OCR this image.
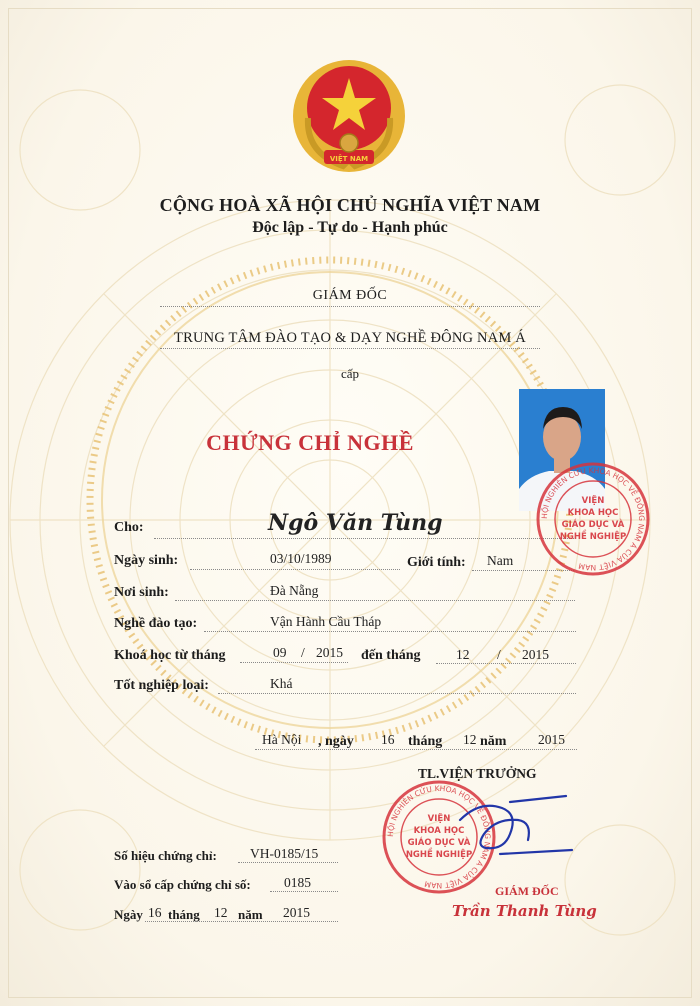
VIỆT NAM
CỘNG HOÀ XÃ HỘI CHỦ NGHĨA VIỆT NAM
Độc lập - Tự do - Hạnh phúc
GIÁM ĐỐC
TRUNG TÂM ĐÀO TẠO & DẠY NGHỀ ĐÔNG NAM Á
cấp
CHỨNG CHỈ NGHỀ
Cho:	Ngô Văn Tùng
Ngày sinh:	03/10/1989	Giới tính: Nam
Nơi sinh:	Đà Nẵng
Nghề đào tạo:	Vận Hành Cầu Tháp
Khoá học từ tháng	09 / 2015 đến tháng	12 / 2015
Tốt nghiệp loại:	Khá
Hà Nội , ngày 16 tháng 12 năm 2015
TL.VIỆN TRƯỞNG
HỘI NGHIÊN CỨU KHOA HỌC VỀ ĐÔNG NAM Á CỦA VIỆT NAM
VIỆN
KHOA HỌC
GIÁO DỤC VÀ
NGHỀ NGHIỆP
HỘI NGHIÊN CỨU KHOA HỌC VỀ ĐÔNG NAM Á CỦA VIỆT NAM
VIỆN
KHOA HỌC
GIÁO DỤC VÀ
NGHỀ NGHIỆP
GIÁM ĐỐC
Trần Thanh Tùng
Số hiệu chứng chỉ: VH-0185/15
Vào sổ cấp chứng chỉ số: 0185
Ngày 16 tháng 12 năm 2015
